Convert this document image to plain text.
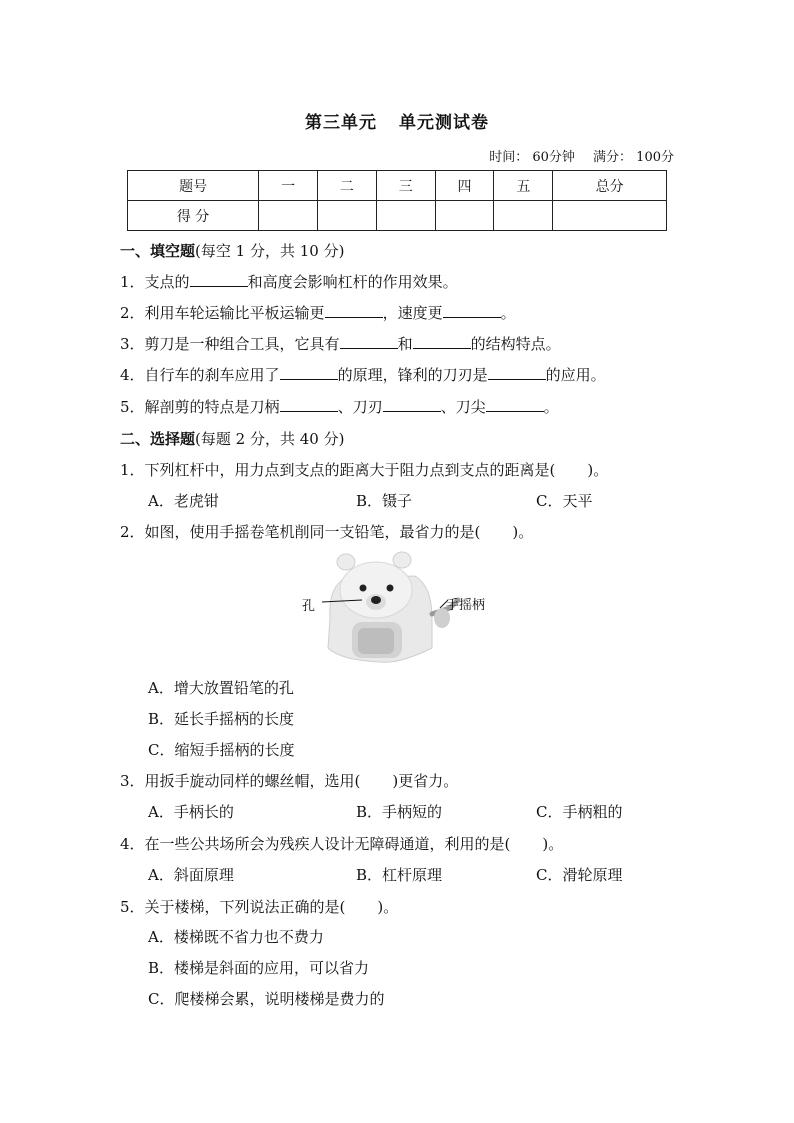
第三单元 单元测试卷
时间： 60分钟 满分： 100分
题号	一	二	三	四	五	总分
得 分						
一、填空题(每空 1 分，共 10 分)
1．支点的	和高度会影响杠杆的作用效果。
2．利用车轮运输比平板运输更	，速度更	。
3．剪刀是一种组合工具，它具有	和	的结构特点。
4．自行车的刹车应用了	的原理，锋利的刀刃是	的应用。
5．解剖剪的特点是刀柄	、刀刃	、刀尖	。
二、选择题(每题 2 分，共 40 分)
1．下列杠杆中，用力点到支点的距离大于阻力点到支点的距离是( )。
A．老虎钳	B．镊子	C．天平
2．如图，使用手摇卷笔机削同一支铅笔，最省力的是( )。
孔	手摇柄
A．增大放置铅笔的孔
B．延长手摇柄的长度
C．缩短手摇柄的长度
3．用扳手旋动同样的螺丝帽，选用( )更省力。
A．手柄长的	B．手柄短的	C．手柄粗的
4．在一些公共场所会为残疾人设计无障碍通道，利用的是( )。
A．斜面原理	B．杠杆原理	C．滑轮原理
5．关于楼梯，下列说法正确的是( )。
A．楼梯既不省力也不费力
B．楼梯是斜面的应用，可以省力
C．爬楼梯会累，说明楼梯是费力的
